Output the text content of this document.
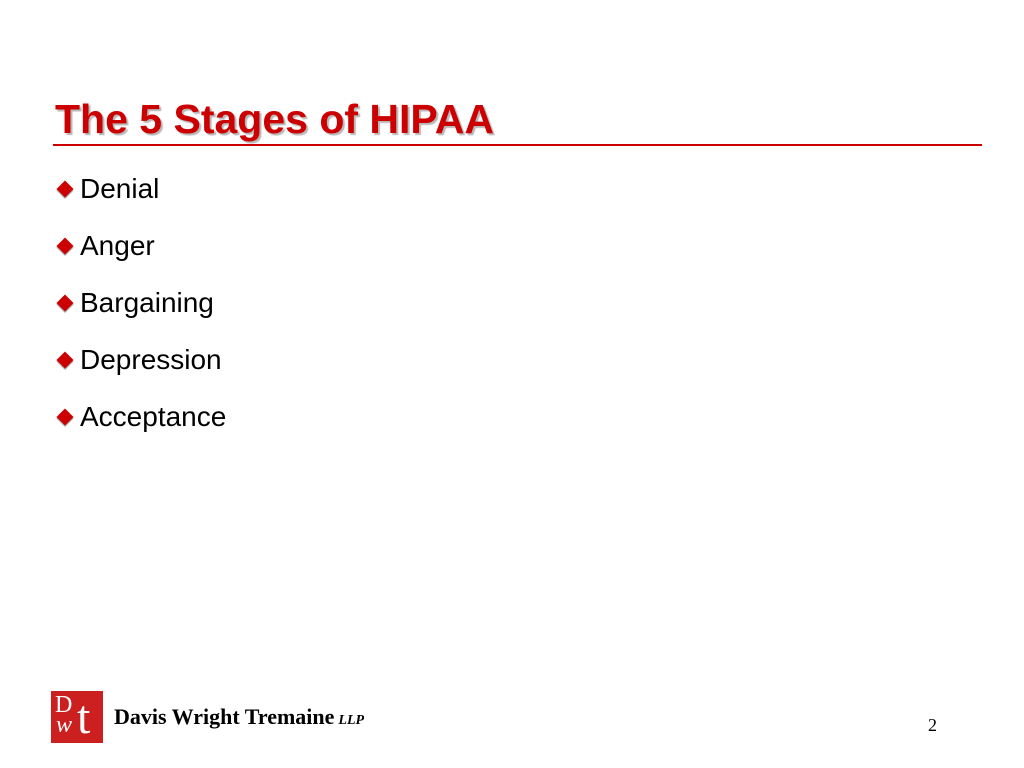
The 5 Stages of HIPAA
Denial
Anger
Bargaining
Depression
Acceptance
D
w t Davis Wright Tremaine LLP	2
